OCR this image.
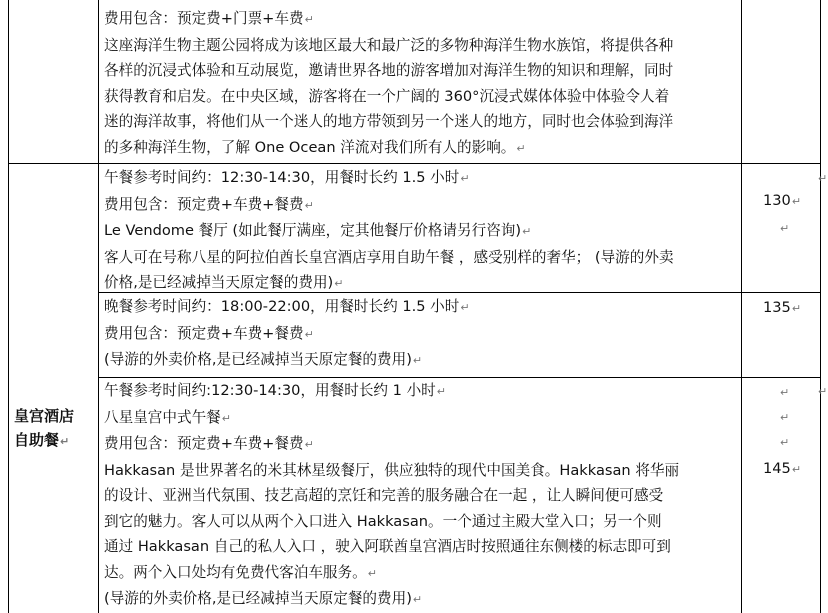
费用包含：预定费+门票+车费↵

这座海洋生物主题公园将成为该地区最大和最广泛的多物种海洋生物水族馆，将提供各种

各样的沉浸式体验和互动展览，邀请世界各地的游客增加对海洋生物的知识和理解，同时

获得教育和启发。在中央区域，游客将在一个广阔的 360°沉浸式媒体体验中体验令人着

迷的海洋故事，将他们从一个迷人的地方带领到另一个迷人的地方，同时也会体验到海洋

的多种海洋生物，了解 One Ocean 洋流对我们所有人的影响。↵

午餐参考时间约：12:30-14:30，用餐时长约 1.5 小时↵

费用包含：预定费+车费+餐费↵

Le Vendome 餐厅 (如此餐厅满座，定其他餐厅价格请另行咨询)↵

客人可在号称八星的阿拉伯酋长皇宫酒店享用自助午餐 ，感受别样的奢华； (导游的外卖

价格,是已经减掉当天原定餐的费用)↵

130↵
↵
↵

晚餐参考时间约：18:00-22:00，用餐时长约 1.5 小时↵

费用包含：预定费+车费+餐费↵

(导游的外卖价格,是已经减掉当天原定餐的费用)↵

135↵
皇宫酒店
自助餐↵
↵

午餐参考时间约:12:30-14:30，用餐时长约 1 小时↵

八星皇宫中式午餐↵

费用包含：预定费+车费+餐费↵

Hakkasan 是世界著名的米其林星级餐厅，供应独特的现代中国美食。Hakkasan 将华丽

的设计、亚洲当代氛围、技艺高超的烹饪和完善的服务融合在一起 ，让人瞬间便可感受

到它的魅力。客人可以从两个入口进入 Hakkasan。一个通过主殿大堂入口；另一个则

通过 Hakkasan 自己的私人入口 ，驶入阿联酋皇宫酒店时按照通往东侧楼的标志即可到

达。两个入口处均有免费代客泊车服务。↵

(导游的外卖价格,是已经减掉当天原定餐的费用)↵

↵
↵
↵
145↵
